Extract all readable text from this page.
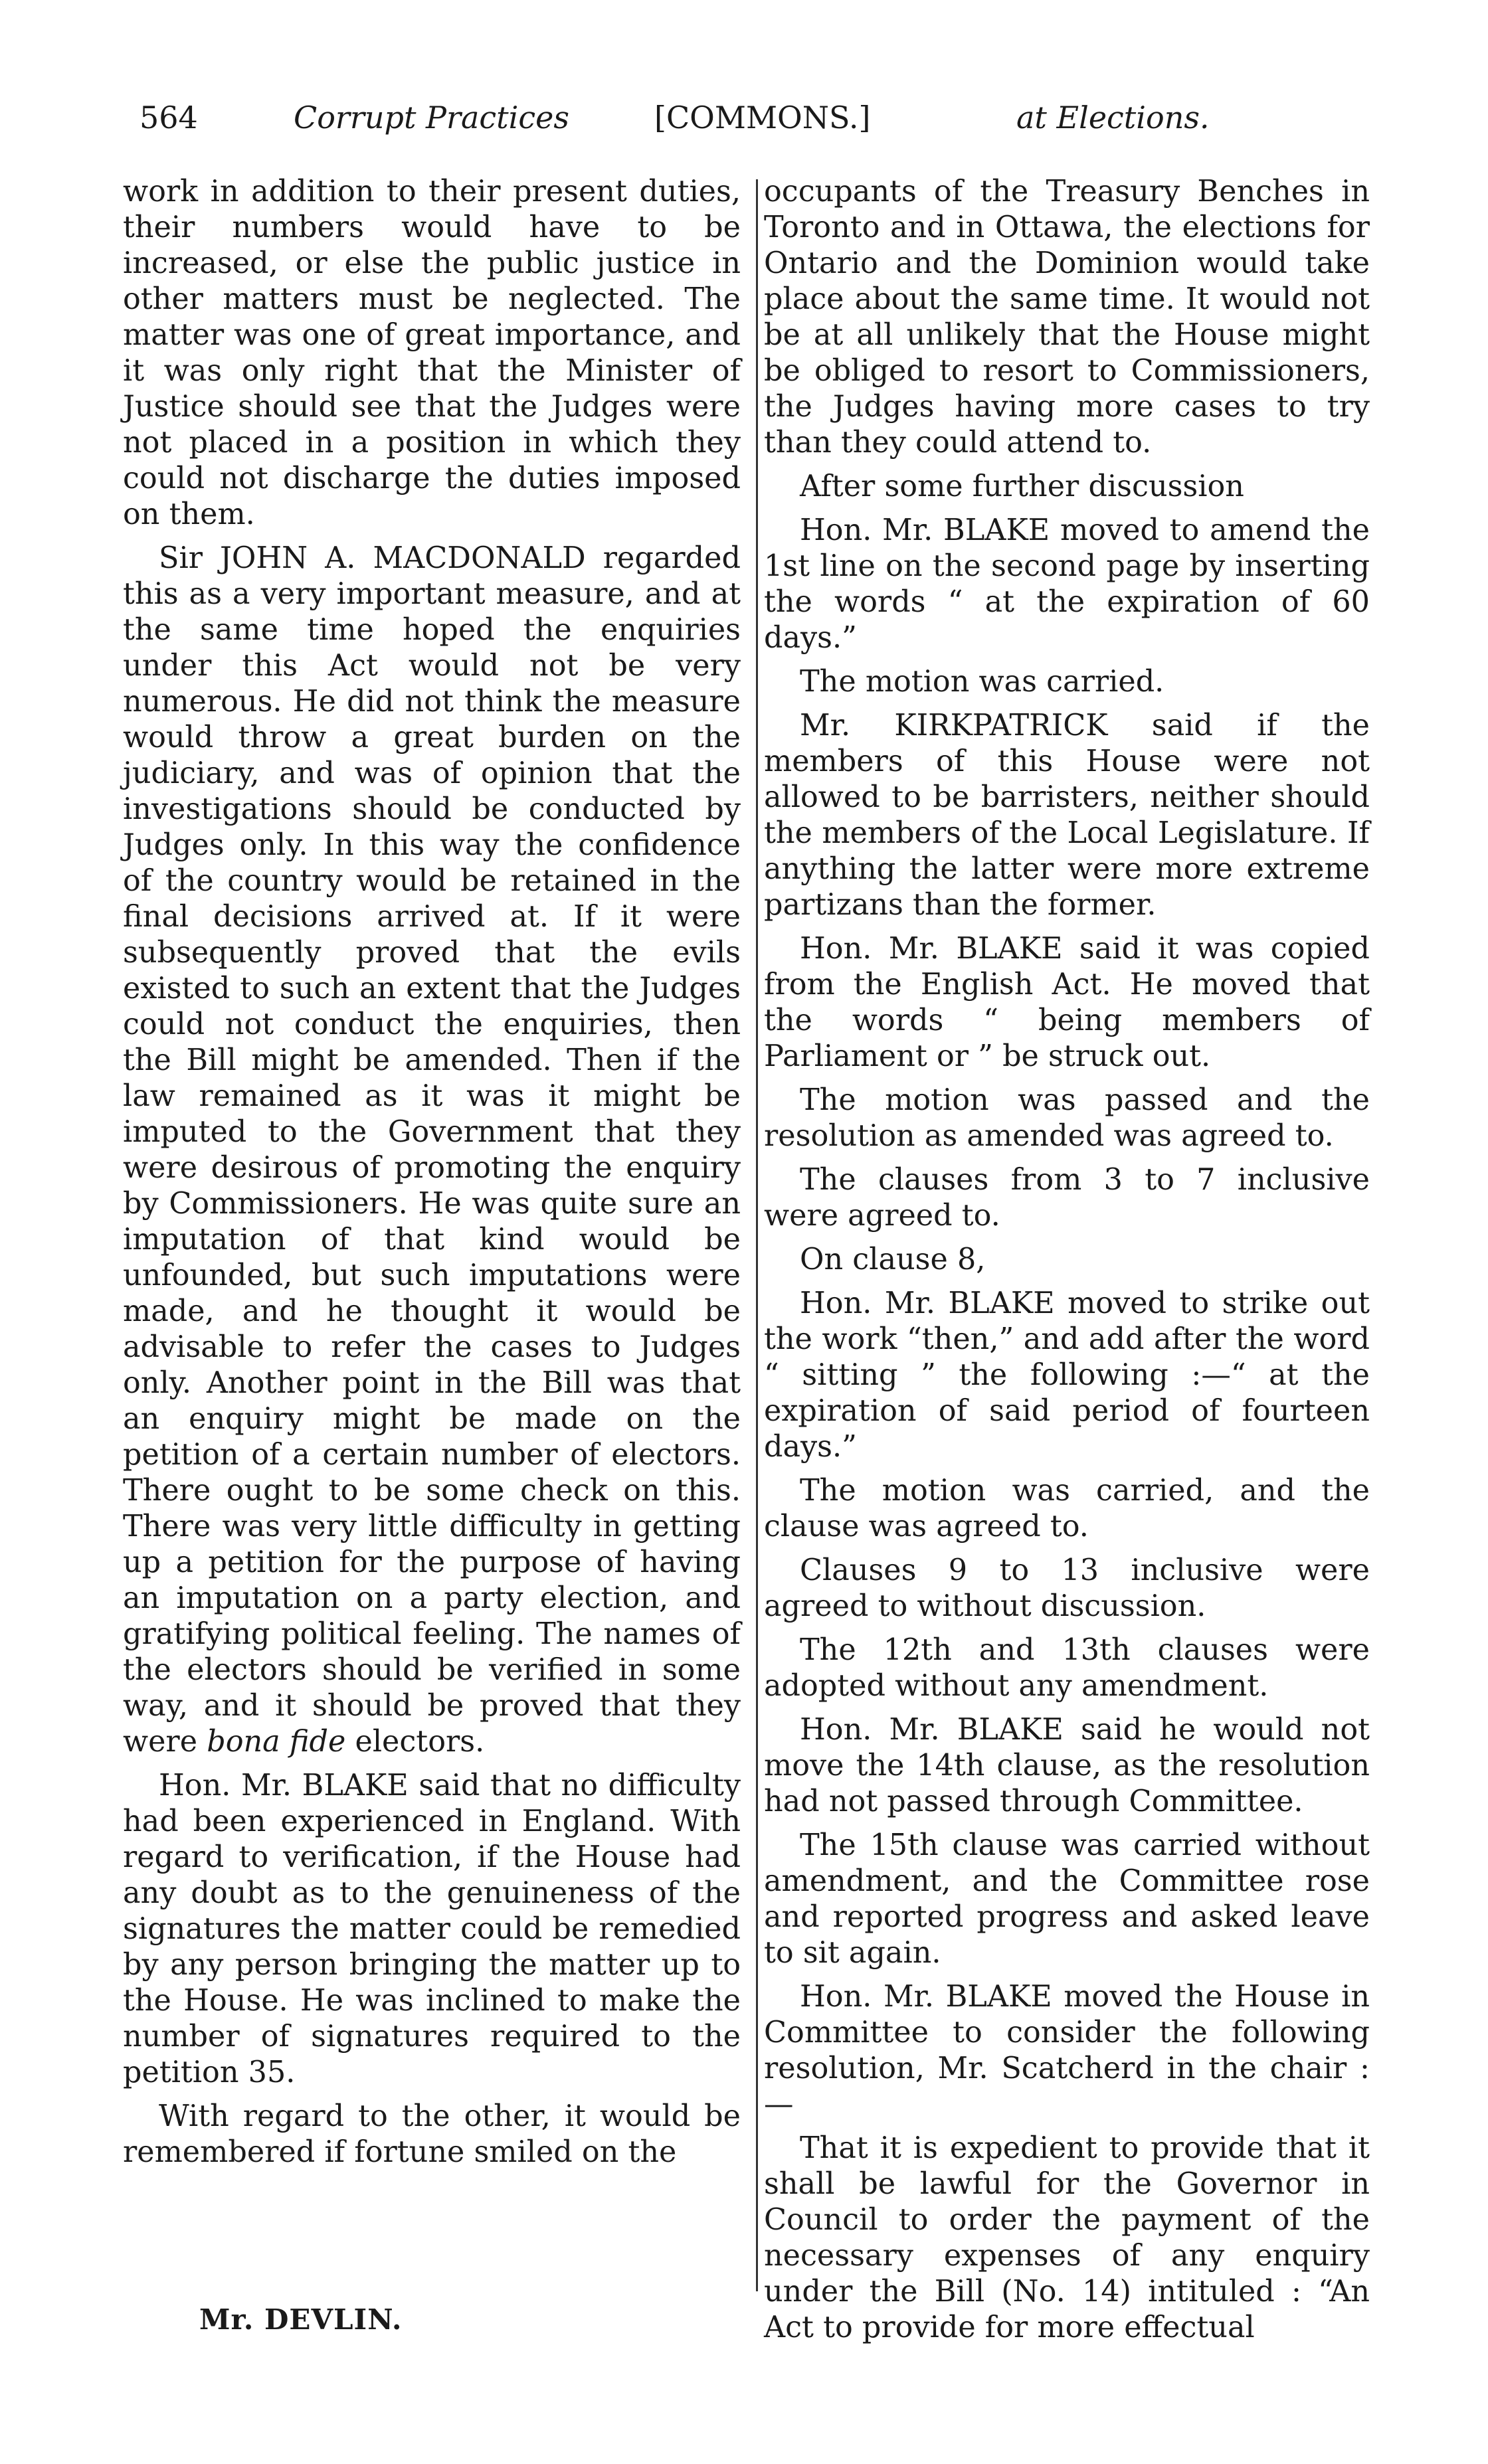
564	Corrupt Practices	[COMMONS.]	at Elections.

work in addition to their present duties, their numbers would have to be increased, or else the public justice in other matters must be neglected. The matter was one of great importance, and it was only right that the Minister of Justice should see that the Judges were not placed in a position in which they could not discharge the duties imposed on them.

Sir JOHN A. MACDONALD regarded this as a very important measure, and at the same time hoped the enquiries under this Act would not be very numerous. He did not think the measure would throw a great burden on the judiciary, and was of opinion that the investigations should be conducted by Judges only. In this way the confidence of the country would be retained in the final decisions arrived at. If it were subsequently proved that the evils existed to such an extent that the Judges could not conduct the enquiries, then the Bill might be amended. Then if the law remained as it was it might be imputed to the Government that they were desirous of promoting the enquiry by Commissioners. He was quite sure an imputation of that kind would be unfounded, but such imputations were made, and he thought it would be advisable to refer the cases to Judges only. Another point in the Bill was that an enquiry might be made on the petition of a certain number of electors. There ought to be some check on this. There was very little difficulty in getting up a petition for the purpose of having an imputation on a party election, and gratifying political feeling. The names of the electors should be verified in some way, and it should be proved that they were bona fide electors.

Hon. Mr. BLAKE said that no difficulty had been experienced in England. With regard to verification, if the House had any doubt as to the genuineness of the signatures the matter could be remedied by any person bringing the matter up to the House. He was inclined to make the number of signatures required to the petition 35.

With regard to the other, it would be remembered if fortune smiled on the

occupants of the Treasury Benches in Toronto and in Ottawa, the elections for Ontario and the Dominion would take place about the same time. It would not be at all unlikely that the House might be obliged to resort to Commissioners, the Judges having more cases to try than they could attend to.

After some further discussion

Hon. Mr. BLAKE moved to amend the 1st line on the second page by inserting the words “ at the expiration of 60 days.”

The motion was carried.

Mr. KIRKPATRICK said if the members of this House were not allowed to be barristers, neither should the members of the Local Legislature. If anything the latter were more extreme partizans than the former.

Hon. Mr. BLAKE said it was copied from the English Act. He moved that the words “ being members of Parliament or ” be struck out.

The motion was passed and the resolution as amended was agreed to.

The clauses from 3 to 7 inclusive were agreed to.

On clause 8,

Hon. Mr. BLAKE moved to strike out the work “then,” and add after the word “ sitting ” the following :—“ at the expiration of said period of fourteen days.”

The motion was carried, and the clause was agreed to.

Clauses 9 to 13 inclusive were agreed to without discussion.

The 12th and 13th clauses were adopted without any amendment.

Hon. Mr. BLAKE said he would not move the 14th clause, as the resolution had not passed through Committee.

The 15th clause was carried without amendment, and the Committee rose and reported progress and asked leave to sit again.

Hon. Mr. BLAKE moved the House in Committee to consider the following resolution, Mr. Scatcherd in the chair :—

That it is expedient to provide that it shall be lawful for the Governor in Council to order the payment of the necessary expenses of any enquiry under the Bill (No. 14) intituled : “An Act to provide for more effectual

Mr. DEVLIN.
